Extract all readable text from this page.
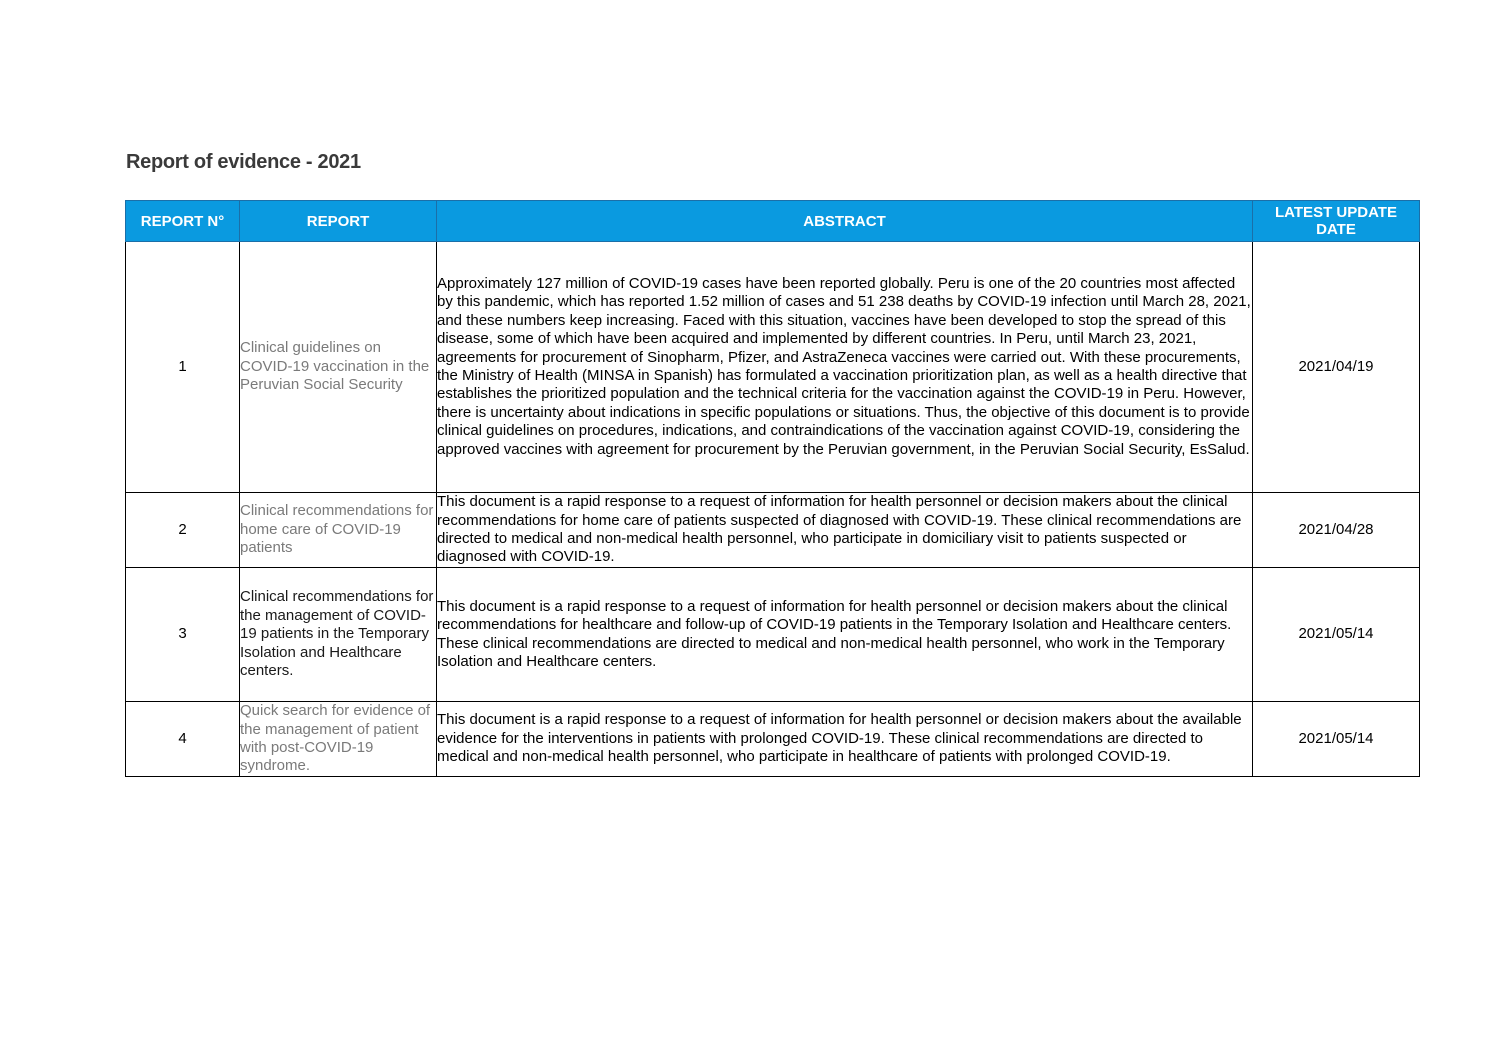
Report of evidence - 2021
REPORT N°	REPORT	ABSTRACT	LATEST UPDATE DATE
1	Clinical guidelines on COVID-19 vaccination in the Peruvian Social Security	Approximately 127 million of COVID-19 cases have been reported globally. Peru is one of the 20 countries most affected by this pandemic, which has reported 1.52 million of cases and 51 238 deaths by COVID-19 infection until March 28, 2021, and these numbers keep increasing. Faced with this situation, vaccines have been developed to stop the spread of this disease, some of which have been acquired and implemented by different countries. In Peru, until March 23, 2021, agreements for procurement of Sinopharm, Pfizer, and AstraZeneca vaccines were carried out. With these procurements, the Ministry of Health (MINSA in Spanish) has formulated a vaccination prioritization plan, as well as a health directive that establishes the prioritized population and the technical criteria for the vaccination against the COVID-19 in Peru. However, there is uncertainty about indications in specific populations or situations. Thus, the objective of this document is to provide clinical guidelines on procedures, indications, and contraindications of the vaccination against COVID-19, considering the approved vaccines with agreement for procurement by the Peruvian government, in the Peruvian Social Security, EsSalud.	2021/04/19
2	Clinical recommendations for home care of COVID-19 patients	This document is a rapid response to a request of information for health personnel or decision makers about the clinical recommendations for home care of patients suspected of diagnosed with COVID-19. These clinical recommendations are directed to medical and non-medical health personnel, who participate in domiciliary visit to patients suspected or diagnosed with COVID-19.	2021/04/28
3	Clinical recommendations for the management of COVID-19 patients in the Temporary Isolation and Healthcare centers.	This document is a rapid response to a request of information for health personnel or decision makers about the clinical recommendations for healthcare and follow-up of COVID-19 patients in the Temporary Isolation and Healthcare centers. These clinical recommendations are directed to medical and non-medical health personnel, who work in the Temporary Isolation and Healthcare centers.	2021/05/14
4	Quick search for evidence of the management of patient with post-COVID-19 syndrome.	This document is a rapid response to a request of information for health personnel or decision makers about the available evidence for the interventions in patients with prolonged COVID-19. These clinical recommendations are directed to medical and non-medical health personnel, who participate in healthcare of patients with prolonged COVID-19.	2021/05/14
